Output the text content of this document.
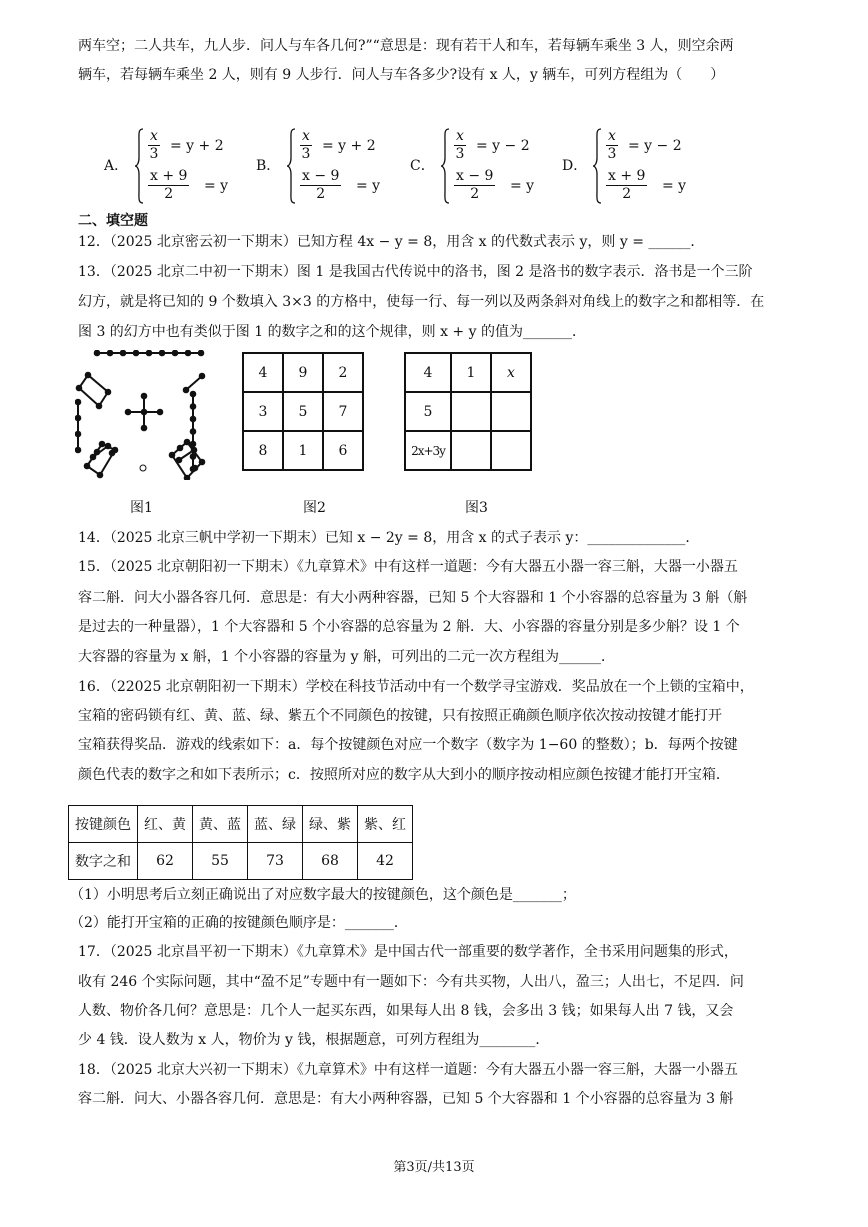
两车空；二人共车，九人步．问人与车各几何?”“意思是：现有若干人和车，若每辆车乘坐 3 人，则空余两
辆车，若每辆车乘坐 2 人，则有 9 人步行．问人与车各多少?设有 x 人，y 辆车，可列方程组为（　　）
A．
$\frac{x}{3} = y + 2$
$\frac{x + 9}{2} = y$
B．
$\frac{x}{3} = y + 2$
$\frac{x - 9}{2} = y$
C．
$\frac{x}{3} = y - 2$
$\frac{x - 9}{2} = y$
D．
$\frac{x}{3} = y - 2$
$\frac{x + 9}{2} = y$
二、填空题
12．（2025 北京密云初一下期末）已知方程 4x − y = 8，用含 x 的代数式表示 y，则 y = ______．
13．（2025 北京二中初一下期末）图 1 是我国古代传说中的洛书，图 2 是洛书的数字表示．洛书是一个三阶
幻方，就是将已知的 9 个数填入 3×3 的方格中，使每一行、每一列以及两条斜对角线上的数字之和都相等．在
图 3 的幻方中也有类似于图 1 的数字之和的这个规律，则 x + y 的值为_______．
4	9	2
3	5	7
8	1	6
4	1	x
5		
2x+3y		
图1	图2	图3
14．（2025 北京三帆中学初一下期末）已知 x − 2y = 8，用含 x 的式子表示 y：______________．
15．（2025 北京朝阳初一下期末）《九章算术》中有这样一道题：今有大器五小器一容三斛，大器一小器五
容二斛．问大小器各容几何．意思是：有大小两种容器，已知 5 个大容器和 1 个小容器的总容量为 3 斛（斛
是过去的一种量器），1 个大容器和 5 个小容器的总容量为 2 斛．大、小容器的容量分别是多少斛？设 1 个
大容器的容量为 x 斛，1 个小容器的容量为 y 斛，可列出的二元一次方程组为______．
16．（22025 北京朝阳初一下期末）学校在科技节活动中有一个数学寻宝游戏．奖品放在一个上锁的宝箱中，
宝箱的密码锁有红、黄、蓝、绿、紫五个不同颜色的按键，只有按照正确颜色顺序依次按动按键才能打开
宝箱获得奖品．游戏的线索如下：a．每个按键颜色对应一个数字（数字为 1−60 的整数）；b．每两个按键
颜色代表的数字之和如下表所示；c．按照所对应的数字从大到小的顺序按动相应颜色按键才能打开宝箱．
按键颜色	红、黄	黄、蓝	蓝、绿	绿、紫	紫、红
数字之和	62	55	73	68	42
（1）小明思考后立刻正确说出了对应数字最大的按键颜色，这个颜色是_______；
（2）能打开宝箱的正确的按键颜色顺序是：_______．
17．（2025 北京昌平初一下期末）《九章算术》是中国古代一部重要的数学著作，全书采用问题集的形式，
收有 246 个实际问题，其中“盈不足”专题中有一题如下：今有共买物，人出八，盈三；人出七，不足四．问
人数、物价各几何？意思是：几个人一起买东西，如果每人出 8 钱，会多出 3 钱；如果每人出 7 钱，又会
少 4 钱．设人数为 x 人，物价为 y 钱，根据题意，可列方程组为________．
18．（2025 北京大兴初一下期末）《九章算术》中有这样一道题：今有大器五小器一容三斛，大器一小器五
容二斛．问大、小器各容几何．意思是：有大小两种容器，已知 5 个大容器和 1 个小容器的总容量为 3 斛
第3页/共13页
